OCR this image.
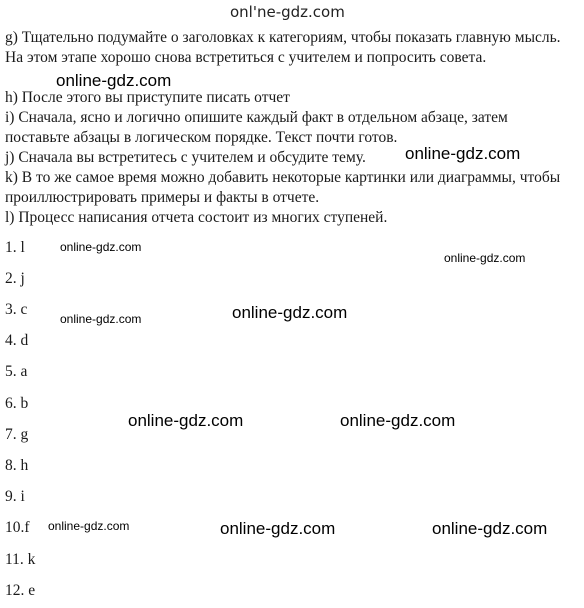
onl'ne-gdz.com

g) Тщательно подумайте о заголовках к категориям, чтобы показать главную мысль. На этом этапе хорошо снова встретиться с учителем и попросить совета.

h) После этого вы приступите писать отчет

i) Сначала, ясно и логично опишите каждый факт в отдельном абзаце, затем поставьте абзацы в логическом порядке. Текст почти готов.

j) Сначала вы встретитесь с учителем и обсудите тему.

k) В то же самое время можно добавить некоторые картинки или диаграммы, чтобы проиллюстрировать примеры и факты в отчете.

l) Процесс написания отчета состоит из многих ступеней.

1. l
2. j
3. c
4. d
5. a
6. b
7. g
8. h
9. i
10.f
11. k
12. e
online-gdz.com
online-gdz.com
online-gdz.com
online-gdz.com
online-gdz.com	online-gdz.com
online-gdz.com	online-gdz.com
online-gdz.com	online-gdz.com	online-gdz.com
